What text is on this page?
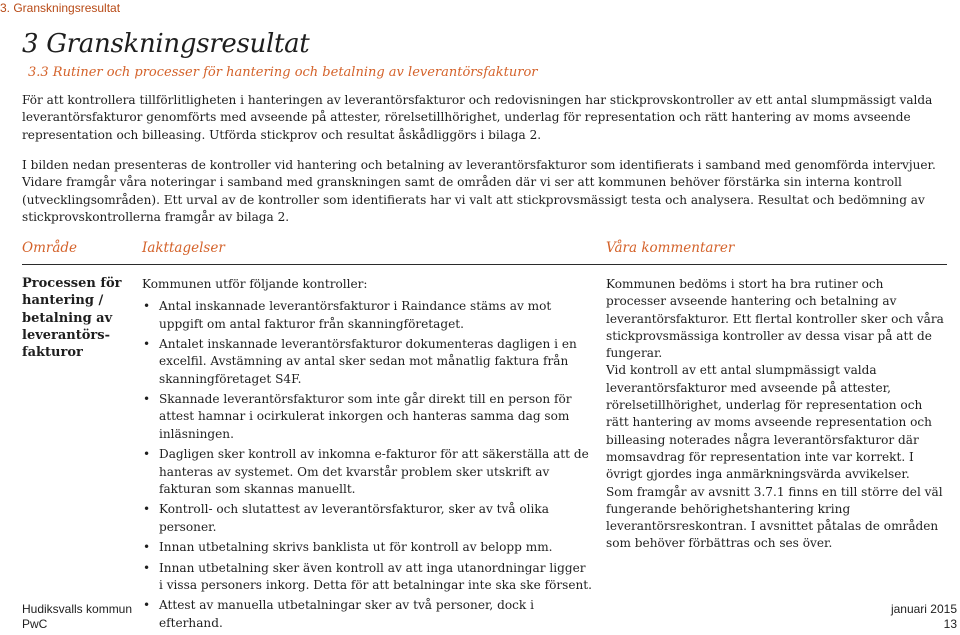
3. Granskningsresultat
3 Granskningsresultat
3.3 Rutiner och processer för hantering och betalning av leverantörsfakturor

För att kontrollera tillförlitligheten i hanteringen av leverantörsfakturor och redovisningen har stickprovskontroller av ett antal slumpmässigt valda leverantörsfakturor genomförts med avseende på attester, rörelsetillhörighet, underlag för representation och rätt hantering av moms avseende representation och billeasing. Utförda stickprov och resultat åskådliggörs i bilaga 2.

I bilden nedan presenteras de kontroller vid hantering och betalning av leverantörsfakturor som identifierats i samband med genomförda intervjuer. Vidare framgår våra noteringar i samband med granskningen samt de områden där vi ser att kommunen behöver förstärka sin interna kontroll (utvecklingsområden). Ett urval av de kontroller som identifierats har vi valt att stickprovsmässigt testa och analysera. Resultat och bedömning av stickprovskontrollerna framgår av bilaga 2.

Område	Iakttagelser	Våra kommentarer
Processen för hantering / betalning av leverantörs-fakturor
Kommunen utför följande kontroller:
• Antal inskannade leverantörsfakturor i Raindance stäms av mot uppgift om antal fakturor från skanningföretaget.
• Antalet inskannade leverantörsfakturor dokumenteras dagligen i en excelfil. Avstämning av antal sker sedan mot månatlig faktura från skanningföretaget S4F.
• Skannade leverantörsfakturor som inte går direkt till en person för attest hamnar i ocirkulerat inkorgen och hanteras samma dag som inläsningen.
• Dagligen sker kontroll av inkomna e-fakturor för att säkerställa att de hanteras av systemet. Om det kvarstår problem sker utskrift av fakturan som skannas manuellt.
• Kontroll- och slutattest av leverantörsfakturor, sker av två olika personer.
• Innan utbetalning skrivs banklista ut för kontroll av belopp mm.
• Innan utbetalning sker även kontroll av att inga utanordningar ligger i vissa personers inkorg. Detta för att betalningar inte ska ske försent.
• Attest av manuella utbetalningar sker av två personer, dock i efterhand.

Kommunen bedöms i stort ha bra rutiner och processer avseende hantering och betalning av leverantörsfakturor. Ett flertal kontroller sker och våra stickprovsmässiga kontroller av dessa visar på att de fungerar.

Vid kontroll av ett antal slumpmässigt valda leverantörsfakturor med avseende på attester, rörelsetillhörighet, underlag för representation och rätt hantering av moms avseende representation och billeasing noterades några leverantörsfakturor där momsavdrag för representation inte var korrekt. I övrigt gjordes inga anmärkningsvärda avvikelser.

Som framgår av avsnitt 3.7.1 finns en till större del väl fungerande behörighetshantering kring leverantörsreskontran. I avsnittet påtalas de områden som behöver förbättras och ses över.

Hudiksvalls kommun
PwC
januari 2015
13
